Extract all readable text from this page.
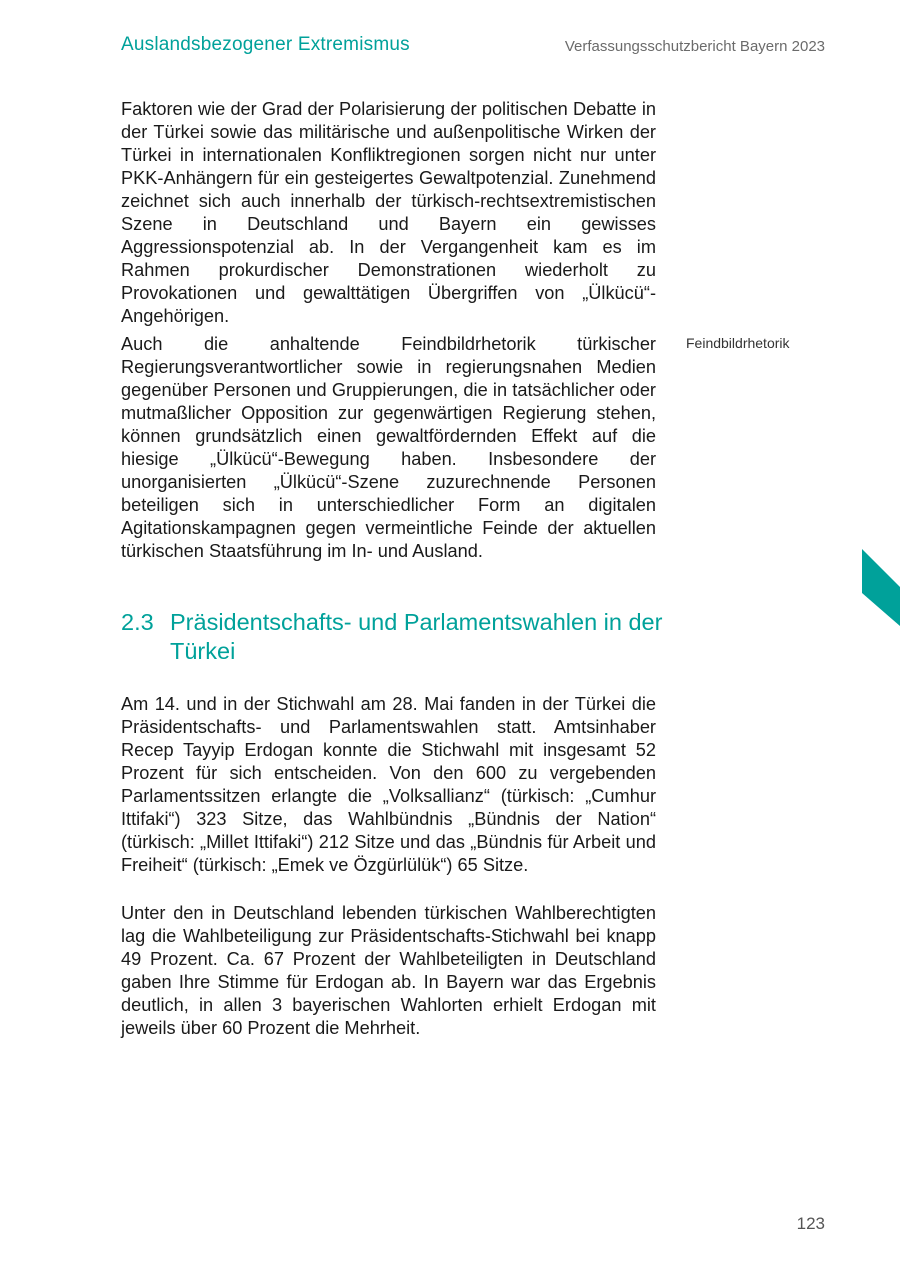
Auslandsbezogener Extremismus	Verfassungsschutzbericht Bayern 2023

Faktoren wie der Grad der Polarisierung der politischen Debatte in der Türkei sowie das militärische und außenpolitische Wirken der Türkei in internationalen Konfliktregionen sorgen nicht nur unter PKK-Anhängern für ein gesteigertes Gewaltpotenzial. Zunehmend zeichnet sich auch innerhalb der türkisch-rechtsextremistischen Szene in Deutschland und Bayern ein gewisses Aggressionspotenzial ab. In der Vergangenheit kam es im Rahmen prokurdischer Demonstrationen wiederholt zu Provokationen und gewalttätigen Übergriffen von „Ülkücü“-Angehörigen.

Auch die anhaltende Feindbildrhetorik türkischer Regierungsverantwortlicher sowie in regierungsnahen Medien gegenüber Personen und Gruppierungen, die in tatsächlicher oder mutmaßlicher Opposition zur gegenwärtigen Regierung stehen, können grundsätzlich einen gewaltfördernden Effekt auf die hiesige „Ülkücü“-Bewegung haben. Insbesondere der unorganisierten „Ülkücü“-Szene zuzurechnende Personen beteiligen sich in unterschiedlicher Form an digitalen Agitationskampagnen gegen vermeintliche Feinde der aktuellen türkischen Staatsführung im In- und Ausland.

Feindbildrhetorik
2.3 Präsidentschafts- und Parlamentswahlen in der Türkei

Am 14. und in der Stichwahl am 28. Mai fanden in der Türkei die Präsidentschafts- und Parlamentswahlen statt. Amtsinhaber Recep Tayyip Erdogan konnte die Stichwahl mit insgesamt 52 Prozent für sich entscheiden. Von den 600 zu vergebenden Parlamentssitzen erlangte die „Volksallianz“ (türkisch: „Cumhur Ittifaki“) 323 Sitze, das Wahlbündnis „Bündnis der Nation“ (türkisch: „Millet Ittifaki“) 212 Sitze und das „Bündnis für Arbeit und Freiheit“ (türkisch: „Emek ve Özgürlülük“) 65 Sitze.

Unter den in Deutschland lebenden türkischen Wahlberechtigten lag die Wahlbeteiligung zur Präsidentschafts-Stichwahl bei knapp 49 Prozent. Ca. 67 Prozent der Wahlbeteiligten in Deutschland gaben Ihre Stimme für Erdogan ab. In Bayern war das Ergebnis deutlich, in allen 3 bayerischen Wahlorten erhielt Erdogan mit jeweils über 60 Prozent die Mehrheit.

123
